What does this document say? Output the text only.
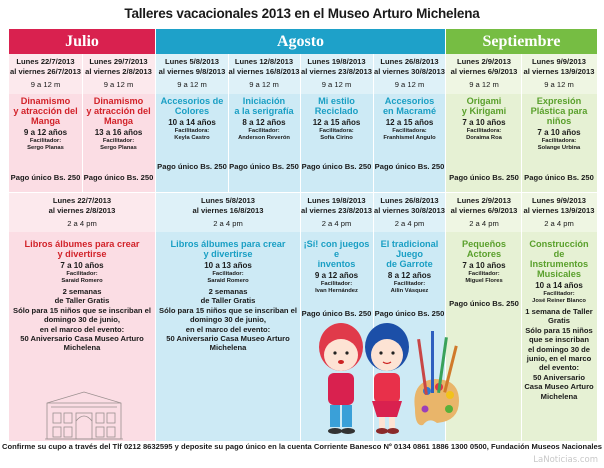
Talleres vacacionales 2013 en el Museo Arturo Michelena
Julio	Agosto	Septiembre
Lunes 22/7/2013
al viernes 26/7/2013
9 a 12 m
Dinamismo
y atracción del
Manga
9 a 12 años
Facilitador:
Sergo Planas
Pago único Bs. 250
Lunes 29/7/2013
al viernes 2/8/2013
9 a 12 m
Dinamismo
y atracción del
Manga
13 a 16 años
Facilitador:
Sergo Planas
Pago único Bs. 250
Lunes 5/8/2013
al viernes 9/8/2013
9 a 12 m
Accesorios de
Colores
10 a 14 años
Facilitadora:
Keyla Castro
Pago único Bs. 250
Lunes 12/8/2013
al viernes 16/8/2013
9 a 12 m
Iniciación
a la serigrafía
8 a 12 años
Facilitador:
Anderson Reverón
Pago único Bs. 250
Lunes 19/8/2013
al viernes 23/8/2013
9 a 12 m
Mi estilo
Reciclado
12 a 15 años
Facilitadora:
Sofía Cirino
Pago único Bs. 250
Lunes 26/8/2013
al viernes 30/8/2013
9 a 12 m
Accesorios
en Macramé
12 a 15 años
Facilitadora:
Franhismel Angulo
Pago único Bs. 250
Lunes 2/9/2013
al viernes 6/9/2013
9 a 12 m
Origami
y Kirigami
7 a 10 años
Facilitadora:
Doraima Roa
Pago único Bs. 250
Lunes 9/9/2013
al viernes 13/9/2013
9 a 12 m
Expresión
Plástica para
niños
7 a 10 años
Facilitadora:
Solange Urbina
Pago único Bs. 250
Lunes 22/7/2013
al viernes 2/8/2013
2 a 4 pm
Lunes 5/8/2013
al viernes 16/8/2013
2 a 4 pm
Lunes 19/8/2013
al viernes 23/8/2013
2 a 4 pm
Lunes 26/8/2013
al viernes 30/8/2013
2 a 4 pm
Lunes 2/9/2013
al viernes 6/9/2013
2 a 4 pm
Lunes 9/9/2013
al viernes 13/9/2013
2 a 4 pm
Libros álbumes para crear
y divertirse
7 a 10 años
Facilitador:
Saraid Romero
2 semanas
de Taller Gratis
Sólo para 15 niños que se inscriban el
domingo 30 de junio,
en el marco del evento:
50 Aniversario Casa Museo Arturo Michelena
Libros álbumes para crear
y divertirse
10 a 13 años
Facilitador:
Saraid Romero
2 semanas
de Taller Gratis
Sólo para 15 niños que se inscriban el
domingo 30 de junio,
en el marco del evento:
50 Aniversario Casa Museo Arturo Michelena
¡Sí! con juegos e
inventos
9 a 12 años
Facilitador:
Ivan Hernández
Pago único Bs. 250
El tradicional
Juego
de Garrote
8 a 12 años
Facilitador:
Ailin Vásquez
Pago único Bs. 250
Pequeños
Actores
7 a 10 años
Facilitador:
Miguel Flores
Pago único Bs. 250
Construcción
de
Instrumentos
Musicales
10 a 14 años
Facilitador:
José Reiner Blanco
1 semana de Taller
Gratis
Sólo para 15 niños
que se inscriban
el domingo 30 de
junio, en el marco
del evento:
50 Aniversario
Casa Museo Arturo
Michelena
Confirme su cupo a través del Tlf 0212 8632595 y deposite su pago único en la cuenta Corriente Banesco Nº 0134 0861 1886 1300 0500, Fundación Museos Nacionales
LaNoticias.com
